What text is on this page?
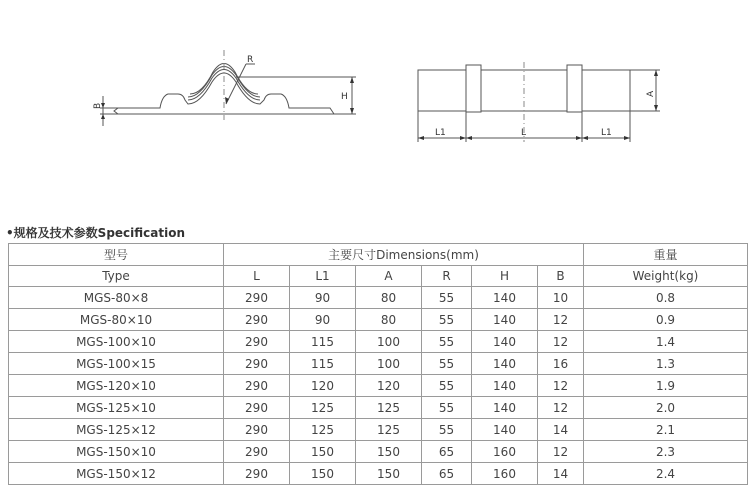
R
H
B
A
L1	L	L1
•规格及技术参数Specification
型号	主要尺寸Dimensions(mm)						重量
Type	L	L1	A	R	H	B	Weight(kg)
MGS-80×8	290	90	80	55	140	10	0.8
MGS-80×10	290	90	80	55	140	12	0.9
MGS-100×10	290	115	100	55	140	12	1.4
MGS-100×15	290	115	100	55	140	16	1.3
MGS-120×10	290	120	120	55	140	12	1.9
MGS-125×10	290	125	125	55	140	12	2.0
MGS-125×12	290	125	125	55	140	14	2.1
MGS-150×10	290	150	150	65	160	12	2.3
MGS-150×12	290	150	150	65	160	14	2.4
